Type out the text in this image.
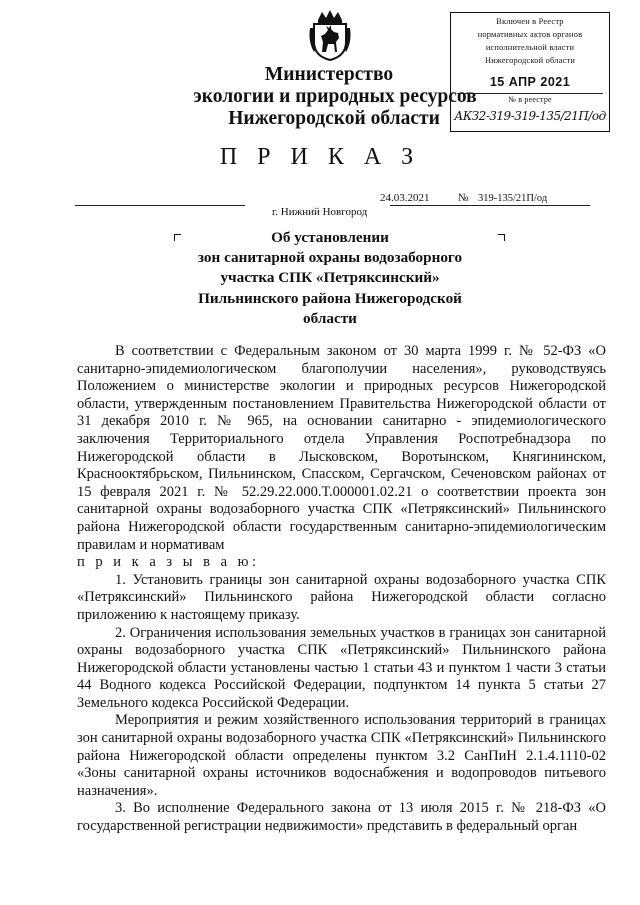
Министерство
экологии и природных ресурсов
Нижегородской области
Включен в Реестр
нормативных актов органов
исполнительной власти
Нижегородской области
15 АПР 2021
№ в реестре
АКЗ2-319-319-135/21П/од
П Р И К А З
24.03.2021	№ 319-135/21П/од
г. Нижний Новгород
Об установлении
зон санитарной охраны водозаборного
участка СПК «Петряксинский»
Пильнинского района Нижегородской
области

В соответствии с Федеральным законом от 30 марта 1999 г. № 52-ФЗ «О санитарно-эпидемиологическом благополучии населения», руководствуясь Положением о министерстве экологии и природных ресурсов Нижегородской области, утвержденным постановлением Правительства Нижегородской области от 31 декабря 2010 г. № 965, на основании санитарно - эпидемиологического заключения Территориального отдела Управления Роспотребнадзора по Нижегородской области в Лысковском, Воротынском, Княгининском, Краснооктябрьском, Пильнинском, Спасском, Сергачском, Сеченовском районах от 15 февраля 2021 г. № 52.29.22.000.Т.000001.02.21 о соответствии проекта зон санитарной охраны водозаборного участка СПК «Петряксинский» Пильнинского района Нижегородской области государственным санитарно-эпидемиологическим правилам и нормативам

п р и к а з ы в а ю:

1. Установить границы зон санитарной охраны водозаборного участка СПК «Петряксинский» Пильнинского района Нижегородской области согласно приложению к настоящему приказу.

2. Ограничения использования земельных участков в границах зон санитарной охраны водозаборного участка СПК «Петряксинский» Пильнинского района Нижегородской области установлены частью 1 статьи 43 и пунктом 1 части 3 статьи 44 Водного кодекса Российской Федерации, подпунктом 14 пункта 5 статьи 27 Земельного кодекса Российской Федерации.

Мероприятия и режим хозяйственного использования территорий в границах зон санитарной охраны водозаборного участка СПК «Петряксинский» Пильнинского района Нижегородской области определены пунктом 3.2 СанПиН 2.1.4.1110-02 «Зоны санитарной охраны источников водоснабжения и водопроводов питьевого назначения».

3. Во исполнение Федерального закона от 13 июля 2015 г. № 218-ФЗ «О государственной регистрации недвижимости» представить в федеральный орган
